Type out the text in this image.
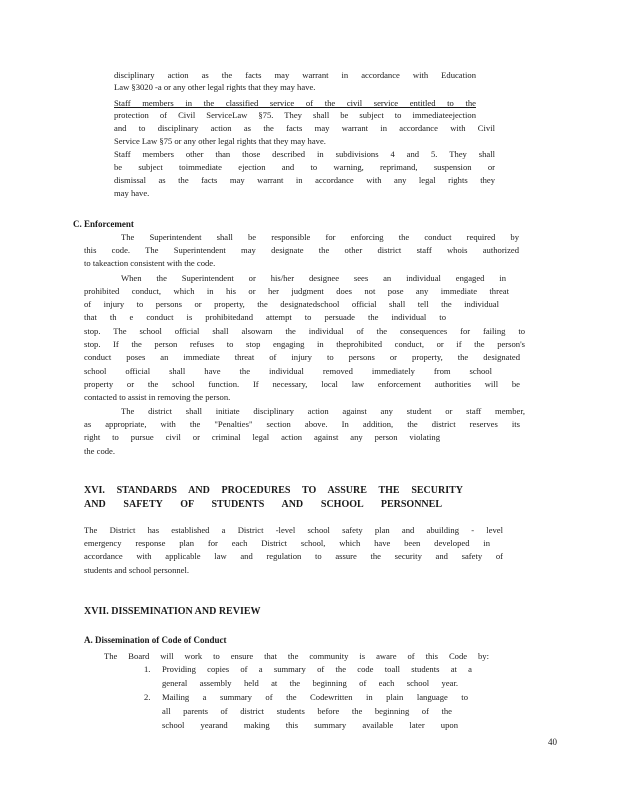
disciplinary action as the facts may warrant in accordance with Education
Law §3020 -a or any other legal rights that they may have.
Staff members in the classified service of the civil service entitled to the
protection of Civil ServiceLaw §75. They shall be subject to immediateejection
and to disciplinary action as the facts may warrant in accordance with Civil
Service Law §75 or any other legal rights that they may have.
Staff members other than those described in subdivisions 4 and 5. They shall
be subject toimmediate ejection and to warning, reprimand, suspension or
dismissal as the facts may warrant in accordance with any legal rights they
may have.
C. Enforcement
The Superintendent shall be responsible for enforcing the conduct required by
this code. The Superintendent may designate the other district staff whois authorized
to takeaction consistent with the code.
When the Superintendent or his/her designee sees an individual engaged in
prohibited conduct, which in his or her judgment does not pose any immediate threat
of injury to persons or property, the designatedschool official shall tell the individual
that th e conduct is prohibitedand attempt to persuade the individual to
stop. The school official shall alsowarn the individual of the consequences for failing to
stop. If the person refuses to stop engaging in theprohibited conduct, or if the person's
conduct poses an immediate threat of injury to persons or property, the designated
school official shall have the individual removed immediately from school
property or the school function. If necessary, local law enforcement authorities will be
contacted to assist in removing the person.
The district shall initiate disciplinary action against any student or staff member,
as appropriate, with the "Penalties" section above. In addition, the district reserves its
right to pursue civil or criminal legal action against any person violating
the code.
XVI. STANDARDS AND PROCEDURES TO ASSURE THE SECURITY
AND SAFETY OF STUDENTS AND SCHOOL PERSONNEL
The District has established a District -level school safety plan and abuilding - level
emergency response plan for each District school, which have been developed in
accordance with applicable law and regulation to assure the security and safety of
students and school personnel.
XVII. DISSEMINATION AND REVIEW
A. Dissemination of Code of Conduct
The Board will work to ensure that the community is aware of this Code by:
1. Providing copies of a summary of the code toall students at a
general assembly held at the beginning of each school year.
2. Mailing a summary of the Codewritten in plain language to
all parents of district students before the beginning of the
school yearand making this summary available later upon
40
